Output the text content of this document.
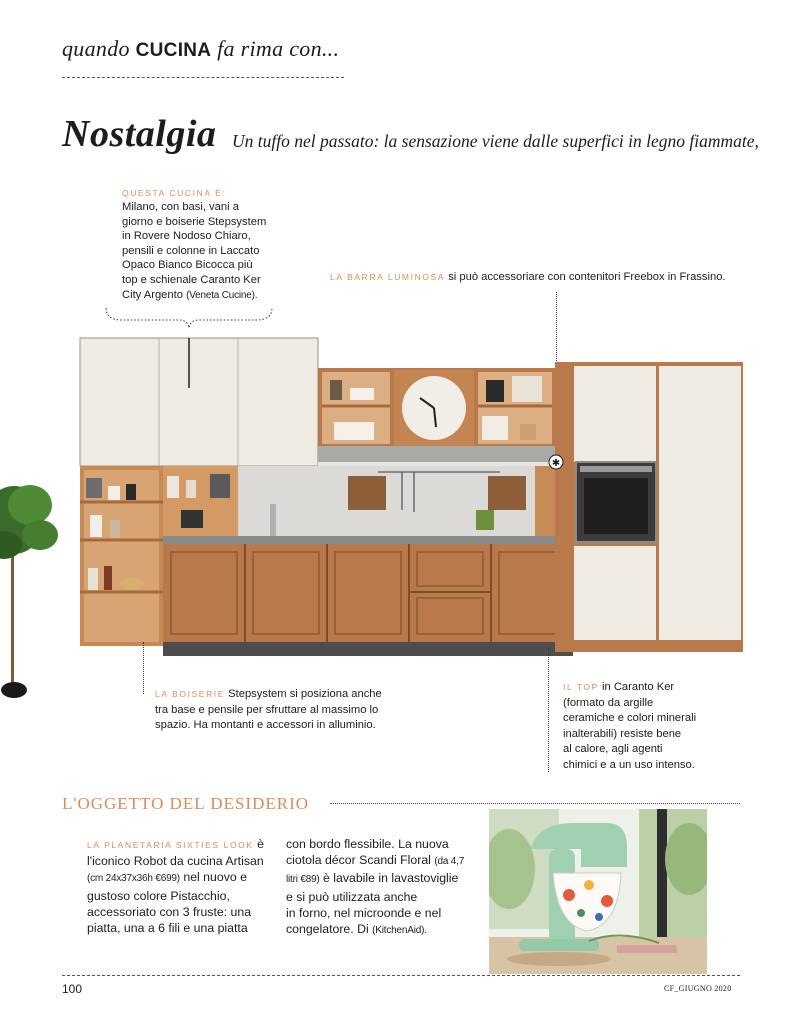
quando CUCINA fa rima con...
Nostalgia Un tuffo nel passato: la sensazione viene dalle superfici in legno fiammate,
QUESTA CUCINA È:
Milano, con basi, vani a
giorno e boiserie Stepsystem
in Rovere Nodoso Chiaro,
pensili e colonne in Laccato
Opaco Bianco Bicocca più
top e schienale Caranto Ker
City Argento (Veneta Cucine).
LA BARRA LUMINOSA si può accessoriare con contenitori Freebox in Frassino.
✱
LA BOISERIE Stepsystem si posiziona anche
tra base e pensile per sfruttare al massimo lo
spazio. Ha montanti e accessori in alluminio.
IL TOP in Caranto Ker
(formato da argille
ceramiche e colori minerali
inalterabili) resiste bene
al calore, agli agenti
chimici e a un uso intenso.
L'OGGETTO DEL DESIDERIO
LA PLANETARIA SIXTIES LOOK è
l'iconico Robot da cucina Artisan
(cm 24x37x36h €699) nel nuovo e
gustoso colore Pistacchio,
accessoriato con 3 fruste: una
piatta, una a 6 fili e una piatta
con bordo flessibile. La nuova
ciotola décor Scandi Floral (da 4,7
litri €89) è lavabile in lavastoviglie
e si può utilizzata anche
in forno, nel microonde e nel
congelatore. Di (KitchenAid).
100	CF_GIUGNO 2020
